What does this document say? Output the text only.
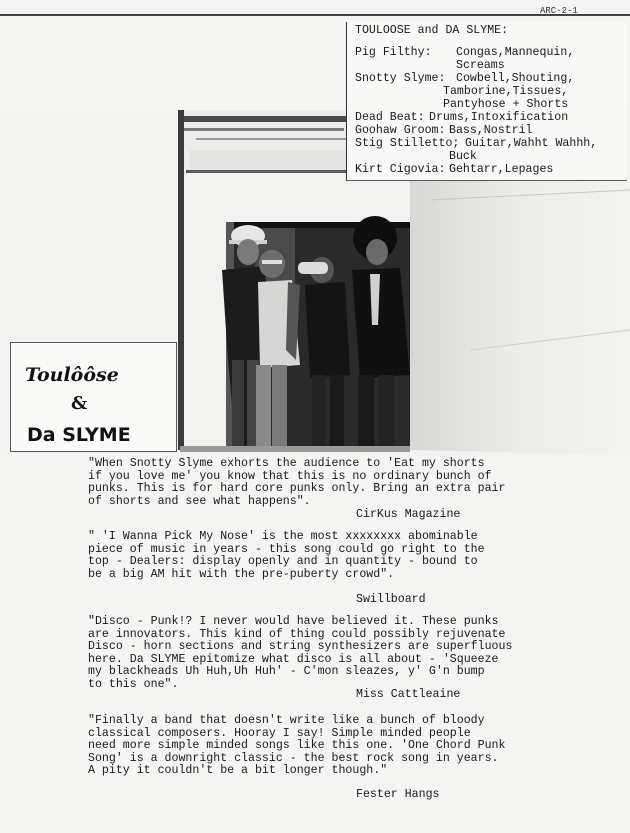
ARC-2-1
TOULOOSE and DA SLYME:
Pig Filthy: Congas,Mannequin,
Screams
Snotty Slyme: Cowbell,Shouting,
Tamborine,Tissues,
Pantyhose + Shorts
Dead Beat: Drums,Intoxification
Goohaw Groom: Bass,Nostril
Stig Stilletto; Guitar,Wahht Wahhh,
Buck
Kirt Cigovia: Gehtarr,Lepages
Toulôôse
&
Da SLYME
"When Snotty Slyme exhorts the audience to 'Eat my shorts
if you love me' you know that this is no ordinary bunch of
punks. This is for hard core punks only. Bring an extra pair
of shorts and see what happens".
CirKus Magazine
" 'I Wanna Pick My Nose' is the most xxxxxxxx abominable
piece of music in years - this song could go right to the
top - Dealers: display openly and in quantity - bound to
be a big AM hit with the pre-puberty crowd".
Swillboard
"Disco - Punk!? I never would have believed it. These punks
are innovators. This kind of thing could possibly rejuvenate
Disco - horn sections and string synthesizers are superfluous
here. Da SLYME epitomize what disco is all about - 'Squeeze
my blackheads Uh Huh,Uh Huh' - C'mon sleazes, y' G'n bump
to this one".
Miss Cattleaine
"Finally a band that doesn't write like a bunch of bloody
classical composers. Hooray I say! Simple minded people
need more simple minded songs like this one. 'One Chord Punk
Song' is a downright classic - the best rock song in years.
A pity it couldn't be a bit longer though."
Fester Hangs
